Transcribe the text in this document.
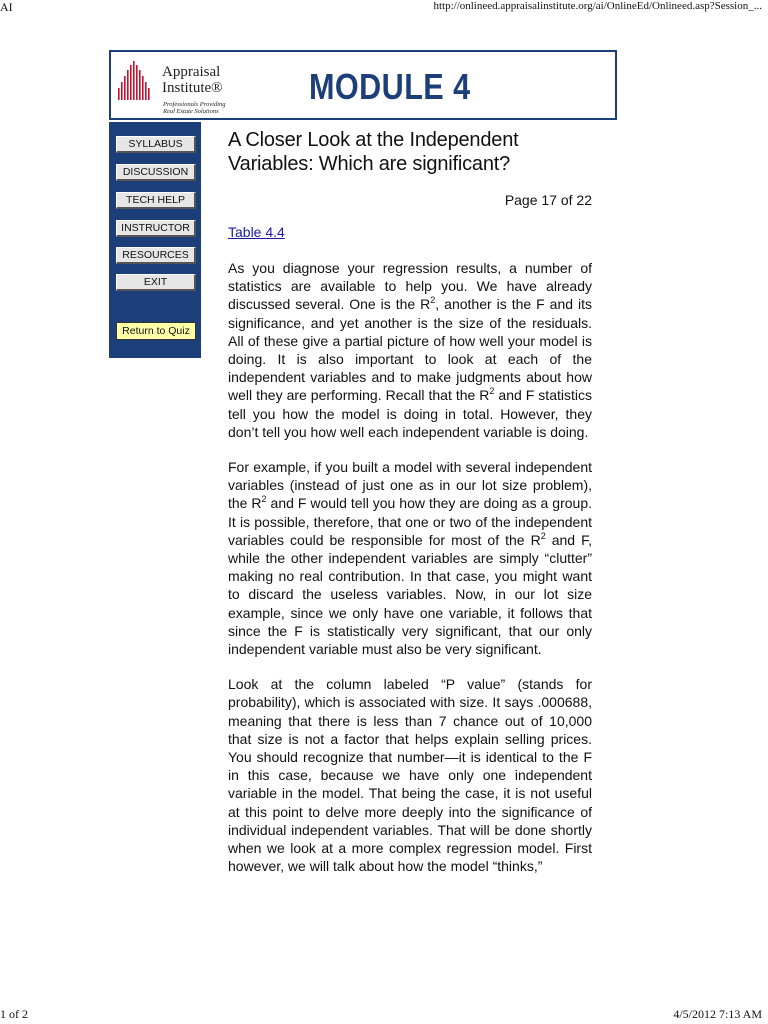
AI	http://onlineed.appraisalinstitute.org/ai/OnlineEd/Onlineed.asp?Session_...
Appraisal
Institute®
Professionals Providing
Real Estate Solutions
MODULE 4
SYLLABUS
DISCUSSION
TECH HELP
INSTRUCTOR
RESOURCES
EXIT
Return to Quiz
A Closer Look at the Independent Variables: Which are significant?
Page 17 of 22
Table 4.4

As you diagnose your regression results, a number of statistics are available to help you. We have already discussed several. One is the $R^2$, another is the F and its significance, and yet another is the size of the residuals. All of these give a partial picture of how well your model is doing. It is also important to look at each of the independent variables and to make judgments about how well they are performing. Recall that the $R^2$ and F statistics tell you how the model is doing in total. However, they don’t tell you how well each independent variable is doing.

For example, if you built a model with several independent variables (instead of just one as in our lot size problem), the $R^2$ and F would tell you how they are doing as a group. It is possible, therefore, that one or two of the independent variables could be responsible for most of the $R^2$ and F, while the other independent variables are simply “clutter” making no real contribution. In that case, you might want to discard the useless variables. Now, in our lot size example, since we only have one variable, it follows that since the F is statistically very significant, that our only independent variable must also be very significant.

Look at the column labeled “P value” (stands for probability), which is associated with size. It says .000688, meaning that there is less than 7 chance out of 10,000 that size is not a factor that helps explain selling prices. You should recognize that number—it is identical to the F in this case, because we have only one independent variable in the model. That being the case, it is not useful at this point to delve more deeply into the significance of individual independent variables. That will be done shortly when we look at a more complex regression model. First however, we will talk about how the model “thinks,”

1 of 2	4/5/2012 7:13 AM
